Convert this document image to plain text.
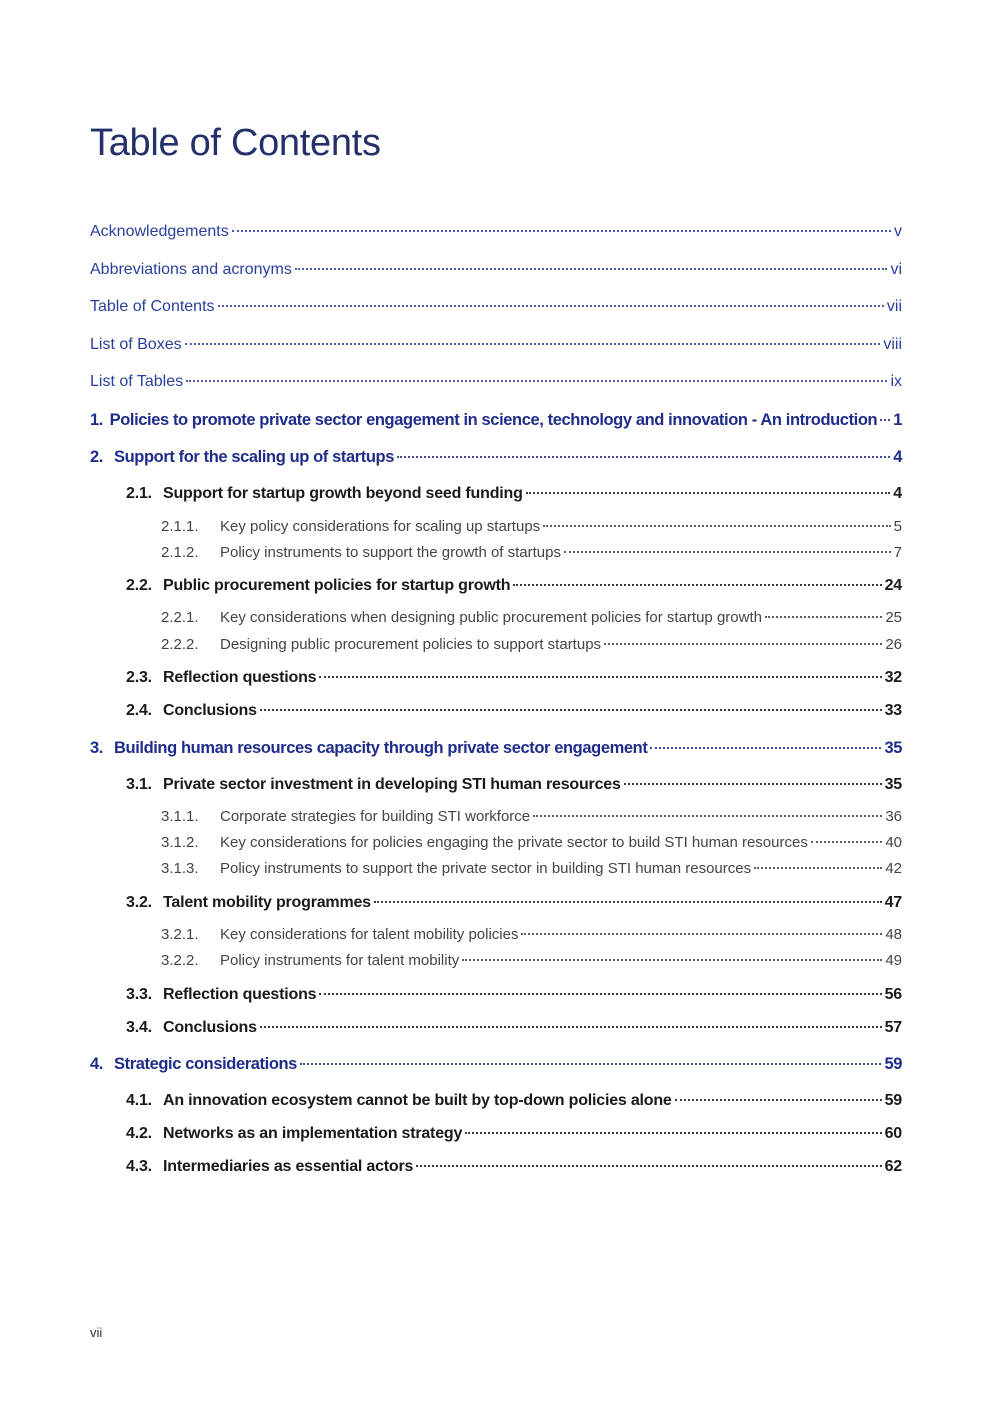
Table of Contents
Acknowledgements	v
Abbreviations and acronyms	vi
Table of Contents	vii
List of Boxes	viii
List of Tables	ix
1. Policies to promote private sector engagement in science, technology and innovation - An introduction 1
2. Support for the scaling up of startups	4
2.1. Support for startup growth beyond seed funding	4
2.1.1.	Key policy considerations for scaling up startups	5
2.1.2.	Policy instruments to support the growth of startups	7
2.2. Public procurement policies for startup growth	24
2.2.1.	Key considerations when designing public procurement policies for startup growth	25
2.2.2.	Designing public procurement policies to support startups	26
2.3. Reflection questions	32
2.4. Conclusions	33
3. Building human resources capacity through private sector engagement	35
3.1. Private sector investment in developing STI human resources	35
3.1.1.	Corporate strategies for building STI workforce	36
3.1.2.	Key considerations for policies engaging the private sector to build STI human resources	40
3.1.3.	Policy instruments to support the private sector in building STI human resources	42
3.2. Talent mobility programmes	47
3.2.1.	Key considerations for talent mobility policies	48
3.2.2.	Policy instruments for talent mobility	49
3.3. Reflection questions	56
3.4. Conclusions	57
4. Strategic considerations	59
4.1. An innovation ecosystem cannot be built by top-down policies alone	59
4.2. Networks as an implementation strategy	60
4.3. Intermediaries as essential actors	62
vii
